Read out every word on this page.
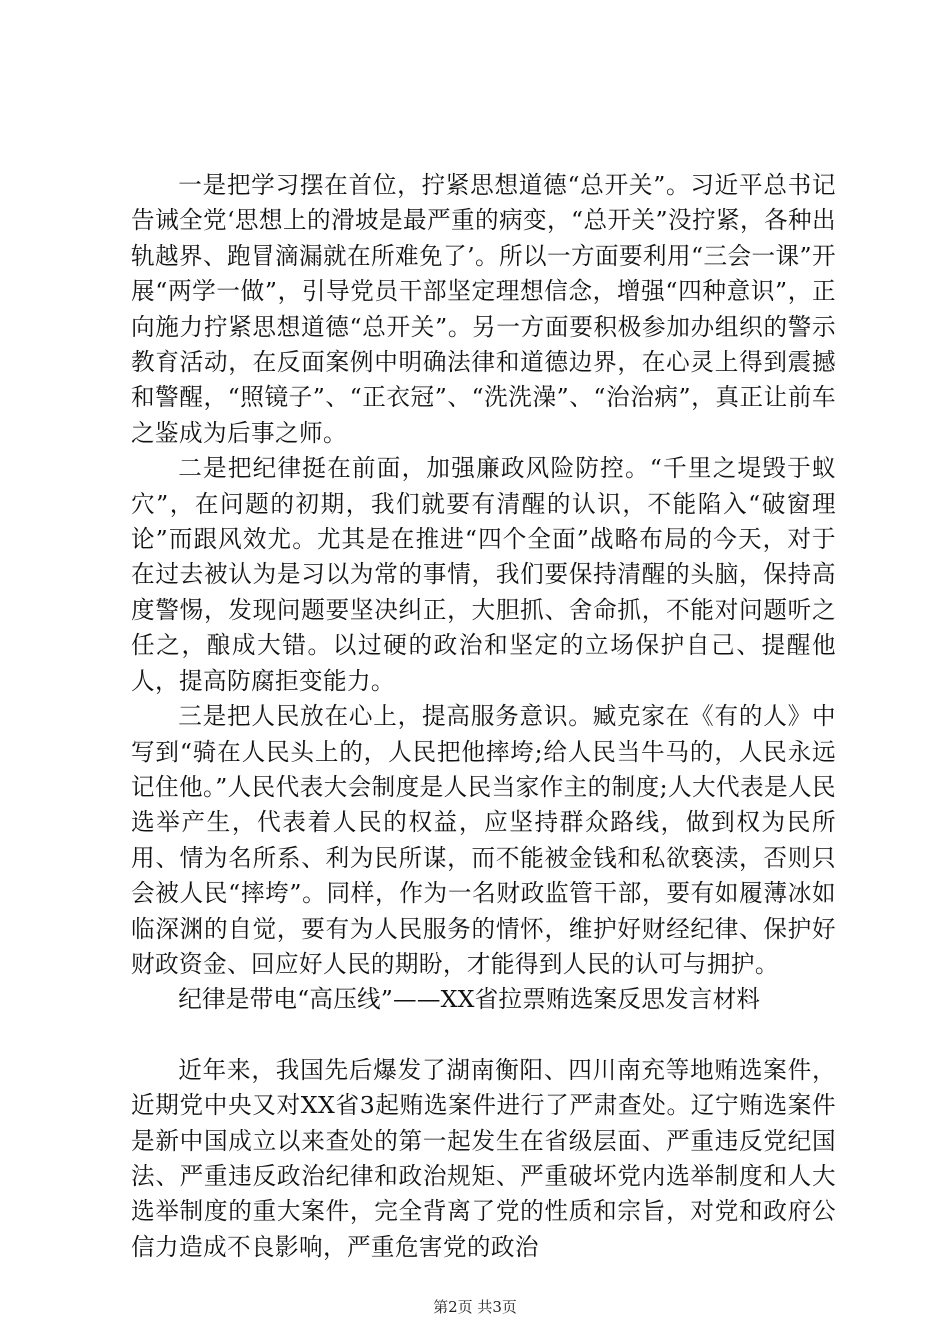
一是把学习摆在首位，拧紧思想道德“总开关”。习近平总书记告诫全党‘思想上的滑坡是最严重的病变，“总开关”没拧紧，各种出轨越界、跑冒滴漏就在所难免了’。所以一方面要利用“三会一课”开展“两学一做”，引导党员干部坚定理想信念，增强“四种意识”，正向施力拧紧思想道德“总开关”。另一方面要积极参加办组织的警示教育活动，在反面案例中明确法律和道德边界，在心灵上得到震撼和警醒，“照镜子”、“正衣冠”、“洗洗澡”、“治治病”，真正让前车之鉴成为后事之师。

二是把纪律挺在前面，加强廉政风险防控。“千里之堤毁于蚁穴”，在问题的初期，我们就要有清醒的认识，不能陷入“破窗理论”而跟风效尤。尤其是在推进“四个全面”战略布局的今天，对于在过去被认为是习以为常的事情，我们要保持清醒的头脑，保持高度警惕，发现问题要坚决纠正，大胆抓、舍命抓，不能对问题听之任之，酿成大错。以过硬的政治和坚定的立场保护自己、提醒他人，提高防腐拒变能力。

三是把人民放在心上，提高服务意识。臧克家在《有的人》中写到“骑在人民头上的，人民把他摔垮;给人民当牛马的，人民永远记住他。”人民代表大会制度是人民当家作主的制度;人大代表是人民选举产生，代表着人民的权益，应坚持群众路线，做到权为民所用、情为名所系、利为民所谋，而不能被金钱和私欲亵渎，否则只会被人民“摔垮”。同样，作为一名财政监管干部，要有如履薄冰如临深渊的自觉，要有为人民服务的情怀，维护好财经纪律、保护好财政资金、回应好人民的期盼，才能得到人民的认可与拥护。

纪律是带电“高压线”——XX省拉票贿选案反思发言材料

近年来，我国先后爆发了湖南衡阳、四川南充等地贿选案件，近期党中央又对XX省3起贿选案件进行了严肃查处。辽宁贿选案件是新中国成立以来查处的第一起发生在省级层面、严重违反党纪国法、严重违反政治纪律和政治规矩、严重破坏党内选举制度和人大选举制度的重大案件，完全背离了党的性质和宗旨，对党和政府公信力造成不良影响，严重危害党的政治

第2页 共3页
